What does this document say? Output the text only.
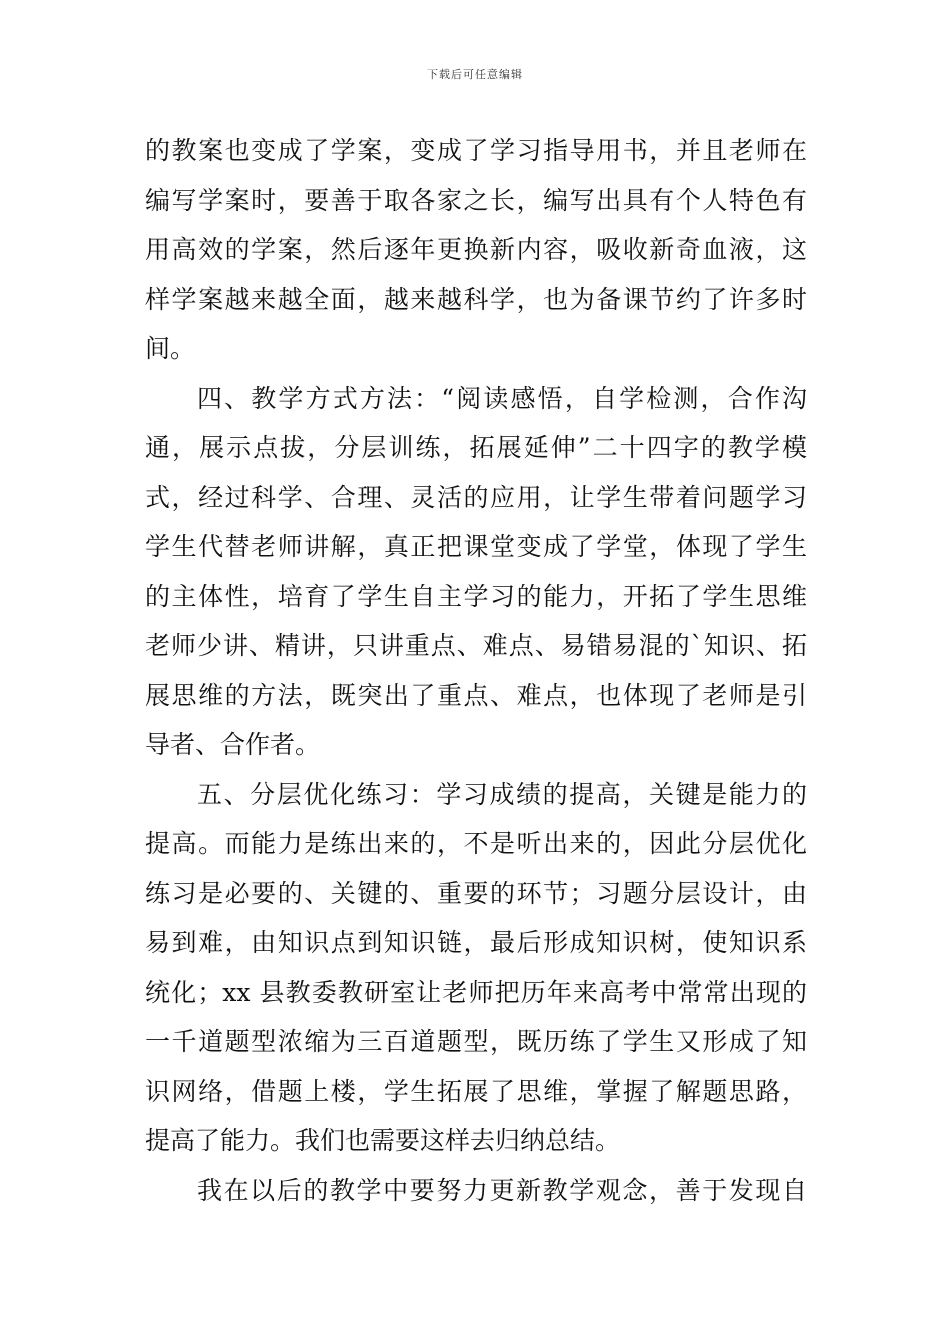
下载后可任意编辑
的教案也变成了学案，变成了学习指导用书，并且老师在
编写学案时，要善于取各家之长，编写出具有个人特色有
用高效的学案，然后逐年更换新内容，吸收新奇血液，这
样学案越来越全面，越来越科学，也为备课节约了许多时
间。
四、教学方式方法：“阅读感悟，自学检测，合作沟
通，展示点拔，分层训练，拓展延伸”二十四字的教学模
式，经过科学、合理、灵活的应用，让学生带着问题学习
学生代替老师讲解，真正把课堂变成了学堂，体现了学生
的主体性，培育了学生自主学习的能力，开拓了学生思维
老师少讲、精讲，只讲重点、难点、易错易混的`知识、拓
展思维的方法，既突出了重点、难点，也体现了老师是引
导者、合作者。
五、分层优化练习：学习成绩的提高，关键是能力的
提高。而能力是练出来的，不是听出来的，因此分层优化
练习是必要的、关键的、重要的环节；习题分层设计，由
易到难，由知识点到知识链，最后形成知识树，使知识系
统化；xx 县教委教研室让老师把历年来高考中常常出现的
一千道题型浓缩为三百道题型，既历练了学生又形成了知
识网络，借题上楼，学生拓展了思维，掌握了解题思路，
提高了能力。我们也需要这样去归纳总结。
我在以后的教学中要努力更新教学观念，善于发现自
